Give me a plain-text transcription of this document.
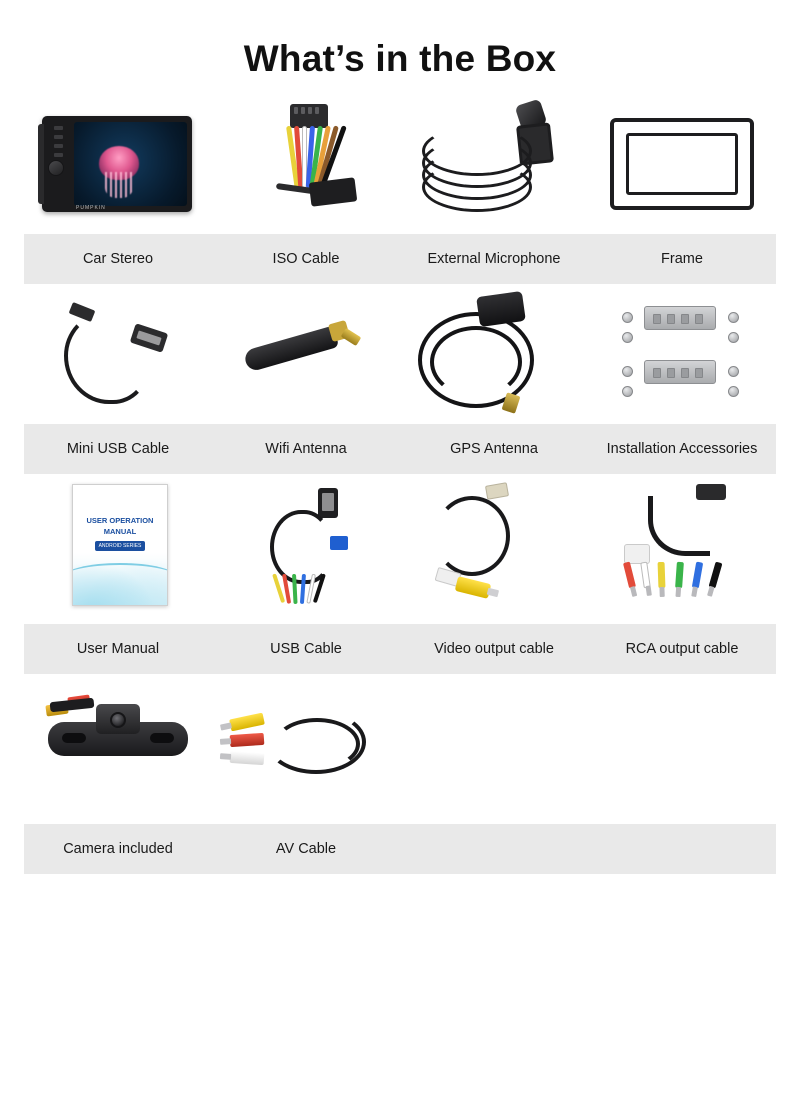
What’s in the Box
PUMPKIN
Car Stereo	ISO Cable	External Microphone	Frame
Mini USB Cable	Wifi Antenna	GPS Antenna	Installation Accessories
USER OPERATION
MANUAL
ANDROID SERIES
User Manual	USB Cable	Video output cable	RCA output cable
Camera included	AV Cable
